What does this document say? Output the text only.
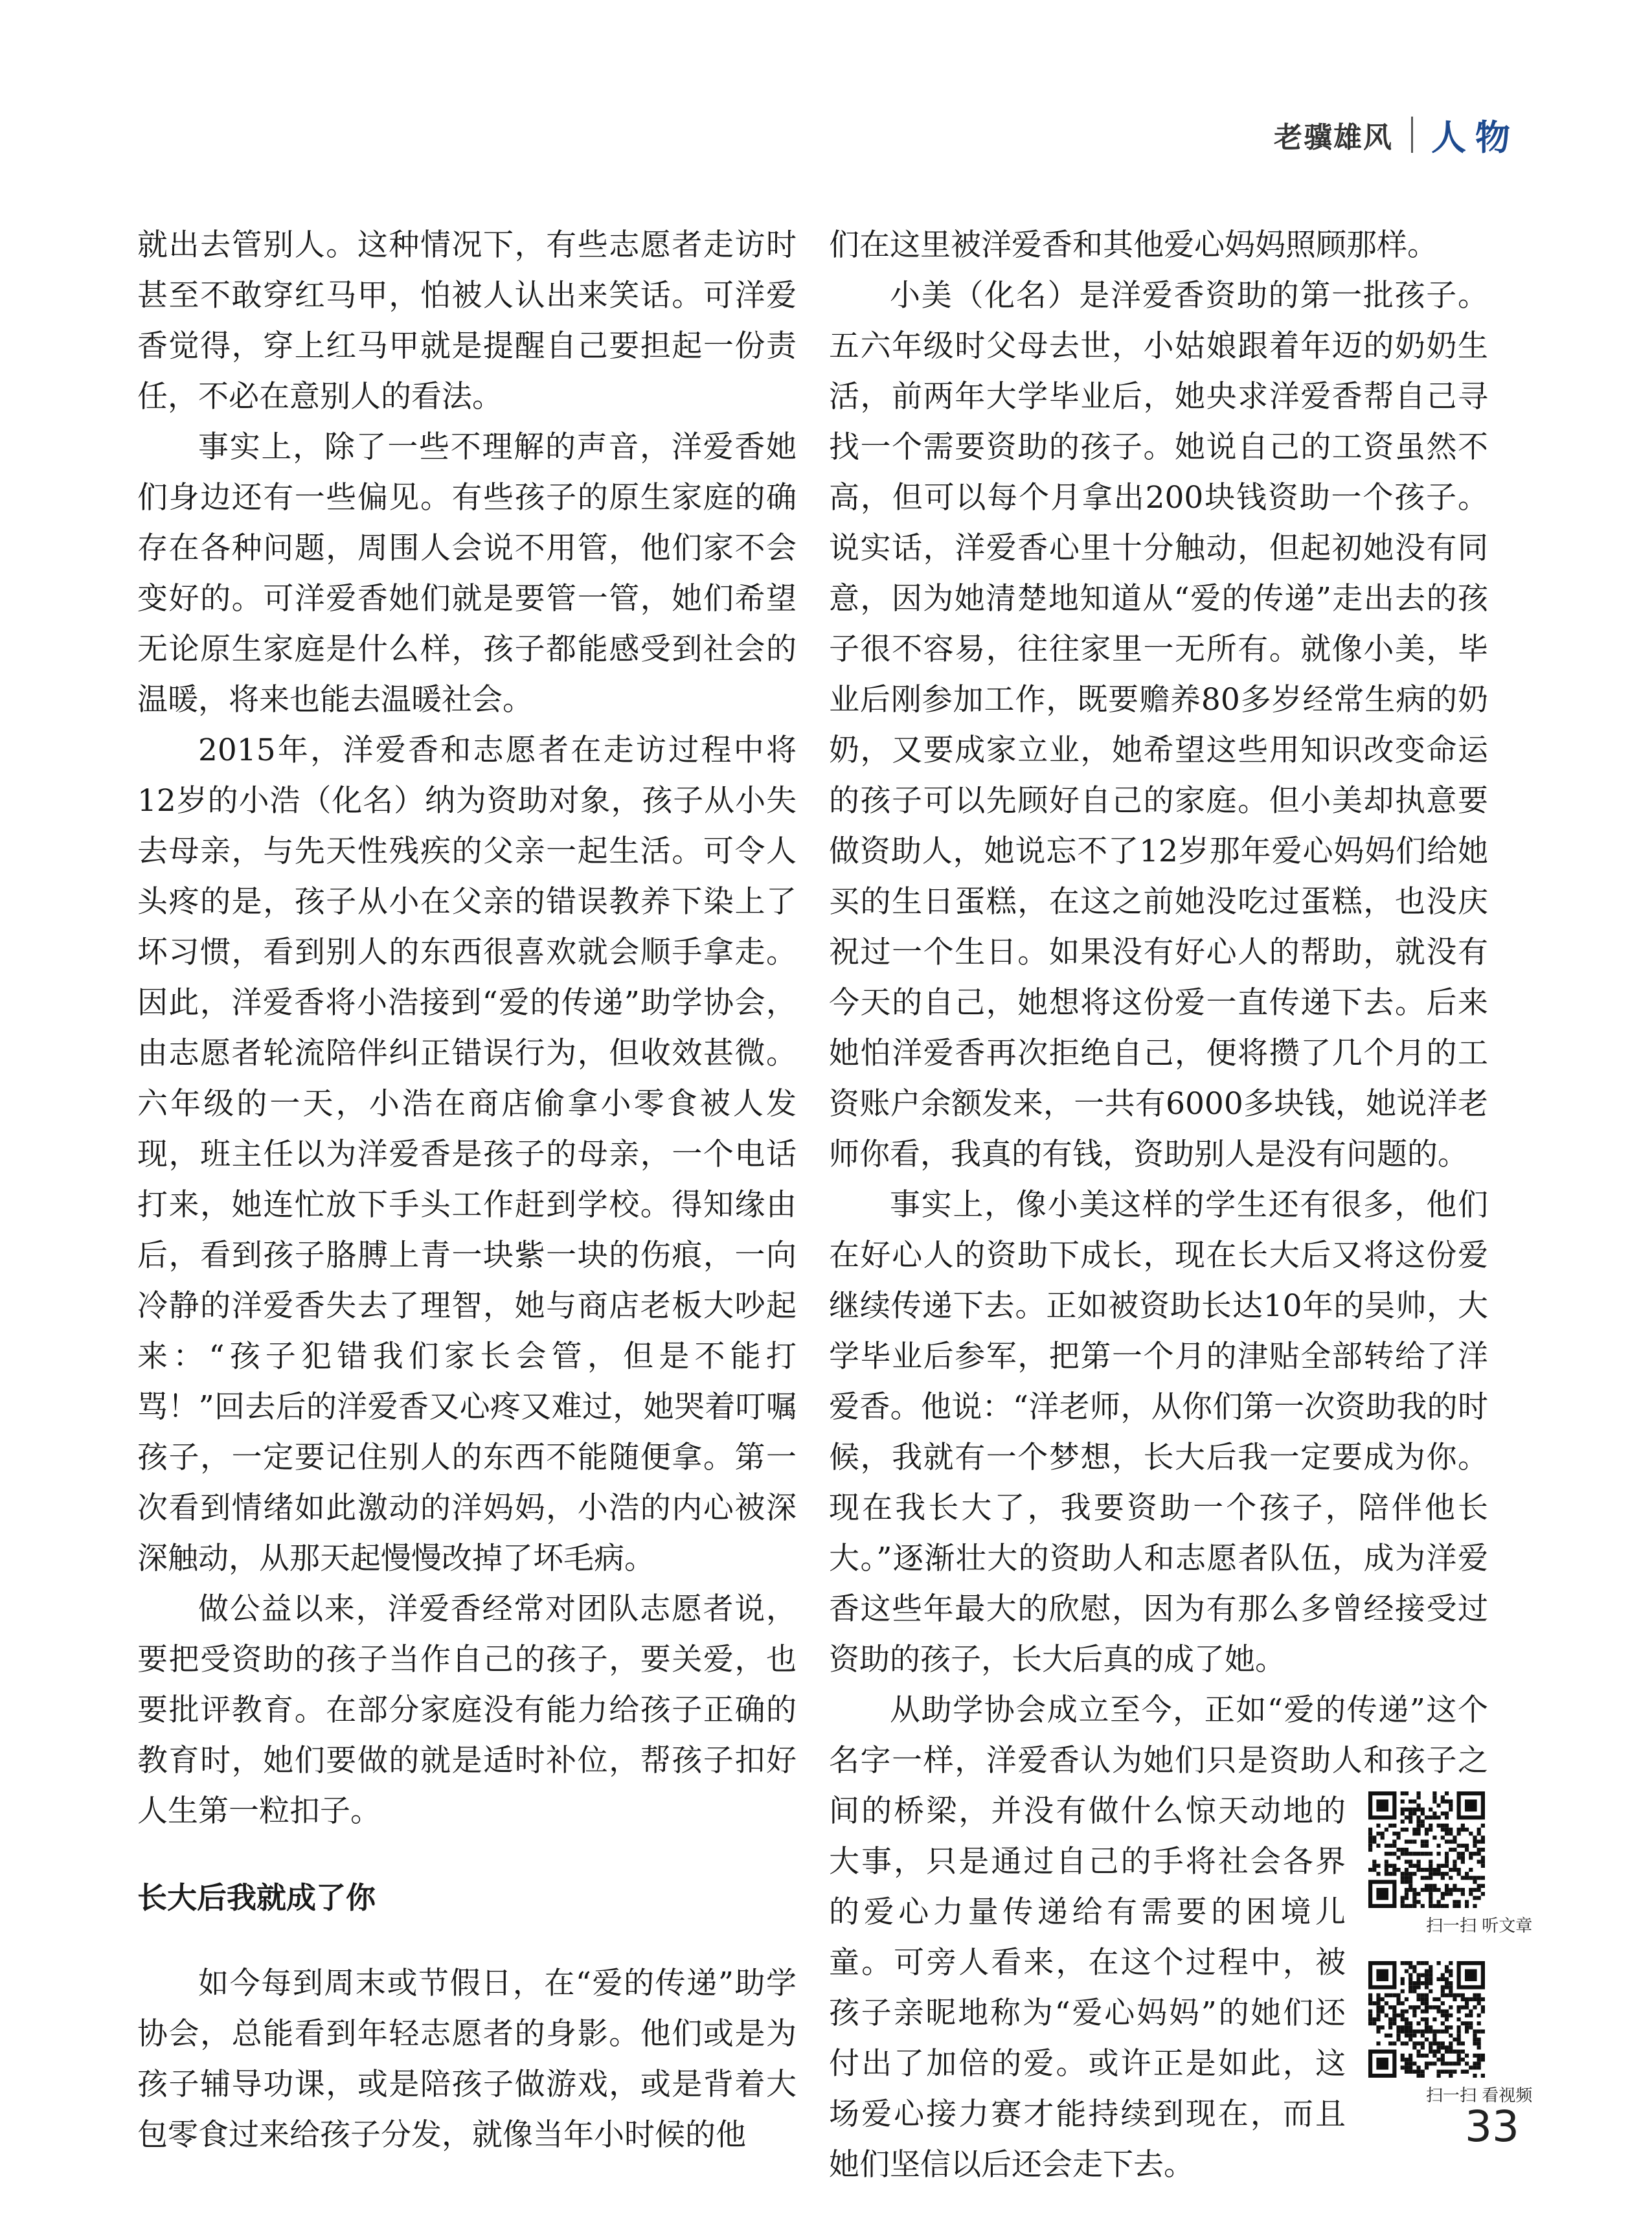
老骥雄风 人物

就出去管别人。这种情况下，有些志愿者走访时甚至不敢穿红马甲，怕被人认出来笑话。可洋爱香觉得，穿上红马甲就是提醒自己要担起一份责任，不必在意别人的看法。

事实上，除了一些不理解的声音，洋爱香她们身边还有一些偏见。有些孩子的原生家庭的确存在各种问题，周围人会说不用管，他们家不会变好的。可洋爱香她们就是要管一管，她们希望无论原生家庭是什么样，孩子都能感受到社会的温暖，将来也能去温暖社会。

2015年，洋爱香和志愿者在走访过程中将12岁的小浩（化名）纳为资助对象，孩子从小失去母亲，与先天性残疾的父亲一起生活。可令人头疼的是，孩子从小在父亲的错误教养下染上了坏习惯，看到别人的东西很喜欢就会顺手拿走。因此，洋爱香将小浩接到“爱的传递”助学协会，由志愿者轮流陪伴纠正错误行为，但收效甚微。六年级的一天，小浩在商店偷拿小零食被人发现，班主任以为洋爱香是孩子的母亲，一个电话打来，她连忙放下手头工作赶到学校。得知缘由后，看到孩子胳膊上青一块紫一块的伤痕，一向冷静的洋爱香失去了理智，她与商店老板大吵起来：“孩子犯错我们家长会管，但是不能打骂！”回去后的洋爱香又心疼又难过，她哭着叮嘱孩子，一定要记住别人的东西不能随便拿。第一次看到情绪如此激动的洋妈妈，小浩的内心被深深触动，从那天起慢慢改掉了坏毛病。

做公益以来，洋爱香经常对团队志愿者说，要把受资助的孩子当作自己的孩子，要关爱，也要批评教育。在部分家庭没有能力给孩子正确的教育时，她们要做的就是适时补位，帮孩子扣好人生第一粒扣子。

长大后我就成了你

如今每到周末或节假日，在“爱的传递”助学协会，总能看到年轻志愿者的身影。他们或是为孩子辅导功课，或是陪孩子做游戏，或是背着大包零食过来给孩子分发，就像当年小时候的他

们在这里被洋爱香和其他爱心妈妈照顾那样。

小美（化名）是洋爱香资助的第一批孩子。五六年级时父母去世，小姑娘跟着年迈的奶奶生活，前两年大学毕业后，她央求洋爱香帮自己寻找一个需要资助的孩子。她说自己的工资虽然不高，但可以每个月拿出200块钱资助一个孩子。说实话，洋爱香心里十分触动，但起初她没有同意，因为她清楚地知道从“爱的传递”走出去的孩子很不容易，往往家里一无所有。就像小美，毕业后刚参加工作，既要赡养80多岁经常生病的奶奶，又要成家立业，她希望这些用知识改变命运的孩子可以先顾好自己的家庭。但小美却执意要做资助人，她说忘不了12岁那年爱心妈妈们给她买的生日蛋糕，在这之前她没吃过蛋糕，也没庆祝过一个生日。如果没有好心人的帮助，就没有今天的自己，她想将这份爱一直传递下去。后来她怕洋爱香再次拒绝自己，便将攒了几个月的工资账户余额发来，一共有6000多块钱，她说洋老师你看，我真的有钱，资助别人是没有问题的。

事实上，像小美这样的学生还有很多，他们在好心人的资助下成长，现在长大后又将这份爱继续传递下去。正如被资助长达10年的吴帅，大学毕业后参军，把第一个月的津贴全部转给了洋爱香。他说：“洋老师，从你们第一次资助我的时候，我就有一个梦想，长大后我一定要成为你。现在我长大了，我要资助一个孩子，陪伴他长大。”逐渐壮大的资助人和志愿者队伍，成为洋爱香这些年最大的欣慰，因为有那么多曾经接受过资助的孩子，长大后真的成了她。

从助学协会成立至今，正如“爱的传递”这个名字一样，洋爱香认为她们只是资助人和孩子之间的桥梁
扫一扫 听文章
扫一扫 看视频
，并没有做什么惊天动地的大事，只是通过自己的手将社会各界的爱心力量传递给有需要的困境儿童。可旁人看来，在这个过程中，被孩子亲昵地称为“爱心妈妈”的她们还付出了加倍的爱。或许正是如此，这场爱心接力赛才能持续到现在，而且她们坚信以后还会走下去。

33
